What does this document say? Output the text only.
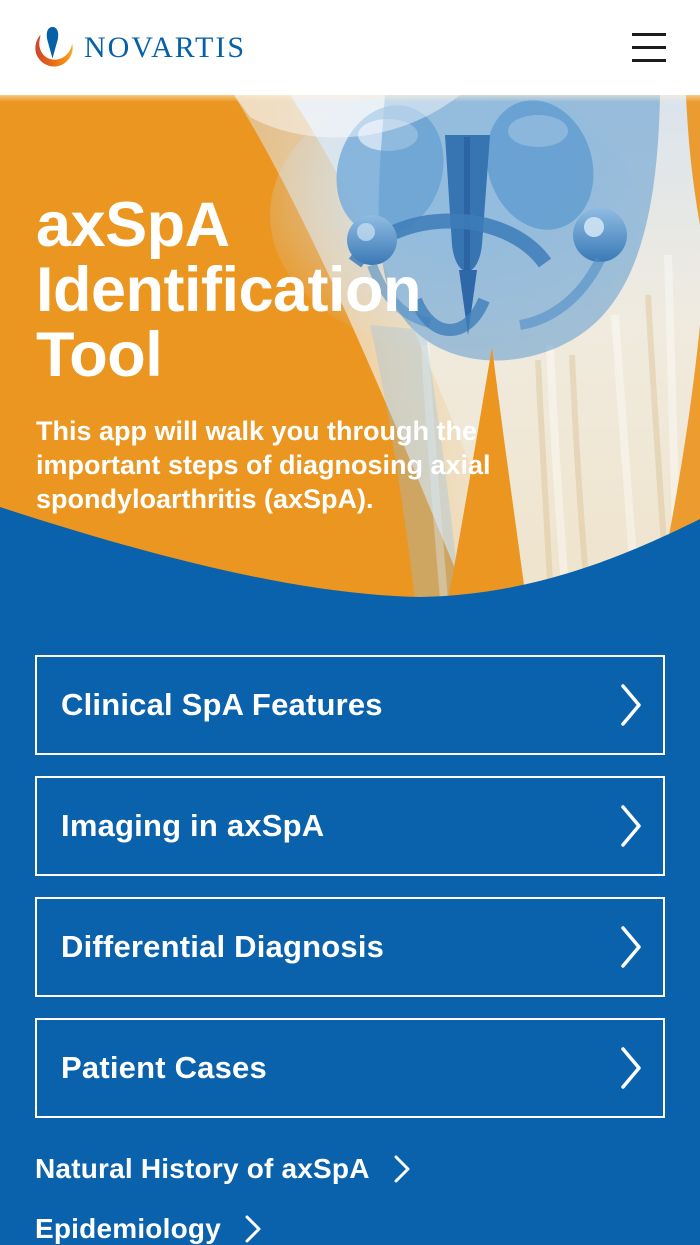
NOVARTIS
axSpA Identification Tool

This app will walk you through the important steps of diagnosing axial spondyloarthritis (axSpA).

Clinical SpA Features
Imaging in axSpA
Differential Diagnosis
Patient Cases
Natural History of axSpA
Epidemiology
